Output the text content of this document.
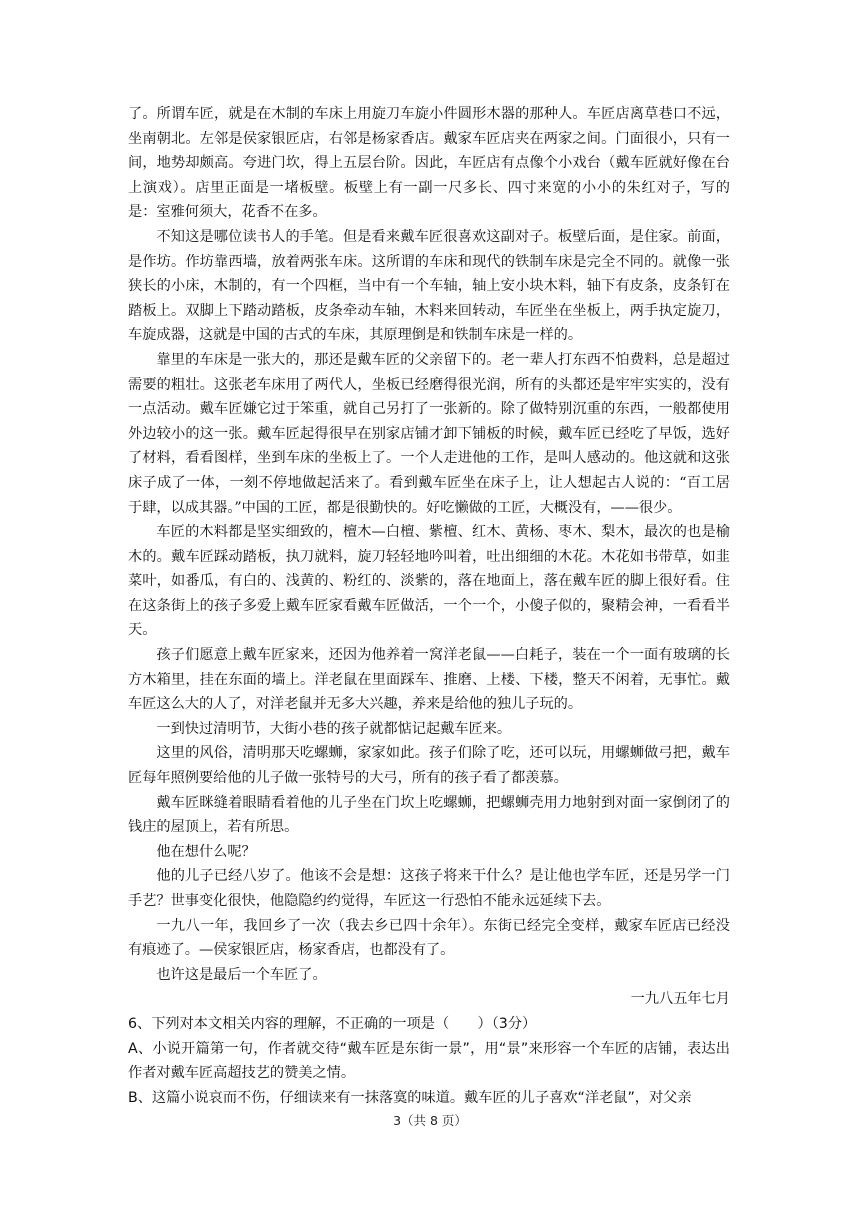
了。所谓车匠，就是在木制的车床上用旋刀车旋小件圆形木器的那种人。车匠店离草巷口不远，坐南朝北。左邻是侯家银匠店，右邻是杨家香店。戴家车匠店夹在两家之间。门面很小，只有一间，地势却颇高。夸进门坎，得上五层台阶。因此，车匠店有点像个小戏台（戴车匠就好像在台上演戏）。店里正面是一堵板壁。板壁上有一副一尺多长、四寸来宽的小小的朱红对子，写的是：室雅何须大，花香不在多。

不知这是哪位读书人的手笔。但是看来戴车匠很喜欢这副对子。板壁后面，是住家。前面，是作坊。作坊靠西墙，放着两张车床。这所谓的车床和现代的铁制车床是完全不同的。就像一张狭长的小床，木制的，有一个四框，当中有一个车轴，轴上安小块木料，轴下有皮条，皮条钉在踏板上。双脚上下踏动踏板，皮条牵动车轴，木料来回转动，车匠坐在坐板上，两手执定旋刀，车旋成器，这就是中国的古式的车床，其原理倒是和铁制车床是一样的。

靠里的车床是一张大的，那还是戴车匠的父亲留下的。老一辈人打东西不怕费料，总是超过需要的粗壮。这张老车床用了两代人，坐板已经磨得很光润，所有的头都还是牢牢实实的，没有一点活动。戴车匠嫌它过于笨重，就自己另打了一张新的。除了做特别沉重的东西，一般都使用外边较小的这一张。戴车匠起得很早在别家店铺才卸下铺板的时候，戴车匠已经吃了早饭，选好了材料，看看图样，坐到车床的坐板上了。一个人走进他的工作，是叫人感动的。他这就和这张床子成了一体，一刻不停地做起活来了。看到戴车匠坐在床子上，让人想起古人说的：“百工居于肆，以成其器。”中国的工匠，都是很勤快的。好吃懒做的工匠，大概没有，——很少。

车匠的木料都是坚实细致的，檀木—白檀、紫檀、红木、黄杨、枣木、梨木，最次的也是榆木的。戴车匠踩动踏板，执刀就料，旋刀轻轻地吟叫着，吐出细细的木花。木花如书带草，如韭菜叶，如番瓜，有白的、浅黄的、粉红的、淡紫的，落在地面上，落在戴车匠的脚上很好看。住在这条街上的孩子多爱上戴车匠家看戴车匠做活，一个一个，小傻子似的，聚精会神，一看看半天。

孩子们愿意上戴车匠家来，还因为他养着一窝洋老鼠——白耗子，装在一个一面有玻璃的长方木箱里，挂在东面的墙上。洋老鼠在里面踩车、推磨、上楼、下楼，整天不闲着，无事忙。戴车匠这么大的人了，对洋老鼠并无多大兴趣，养来是给他的独儿子玩的。

一到快过清明节，大街小巷的孩子就都惦记起戴车匠来。

这里的风俗，清明那天吃螺蛳，家家如此。孩子们除了吃，还可以玩，用螺蛳做弓把，戴车匠每年照例要给他的儿子做一张特号的大弓，所有的孩子看了都羡慕。

戴车匠眯缝着眼睛看着他的儿子坐在门坎上吃螺蛳，把螺蛳壳用力地射到对面一家倒闭了的钱庄的屋顶上，若有所思。

他在想什么呢？

他的儿子已经八岁了。他该不会是想：这孩子将来干什么？是让他也学车匠，还是另学一门手艺？世事变化很快，他隐隐约约觉得，车匠这一行恐怕不能永远延续下去。

一九八一年，我回乡了一次（我去乡已四十余年）。东街已经完全变样，戴家车匠店已经没有痕迹了。—侯家银匠店，杨家香店，也都没有了。

也许这是最后一个车匠了。

一九八五年七月

6、下列对本文相关内容的理解，不正确的一项是（　　）（3分）

A、小说开篇第一句，作者就交待“戴车匠是东街一景”，用“景”来形容一个车匠的店铺，表达出作者对戴车匠高超技艺的赞美之情。

B、这篇小说哀而不伤，仔细读来有一抹落寞的味道。戴车匠的儿子喜欢“洋老鼠”，对父亲

3（共 8 页）
